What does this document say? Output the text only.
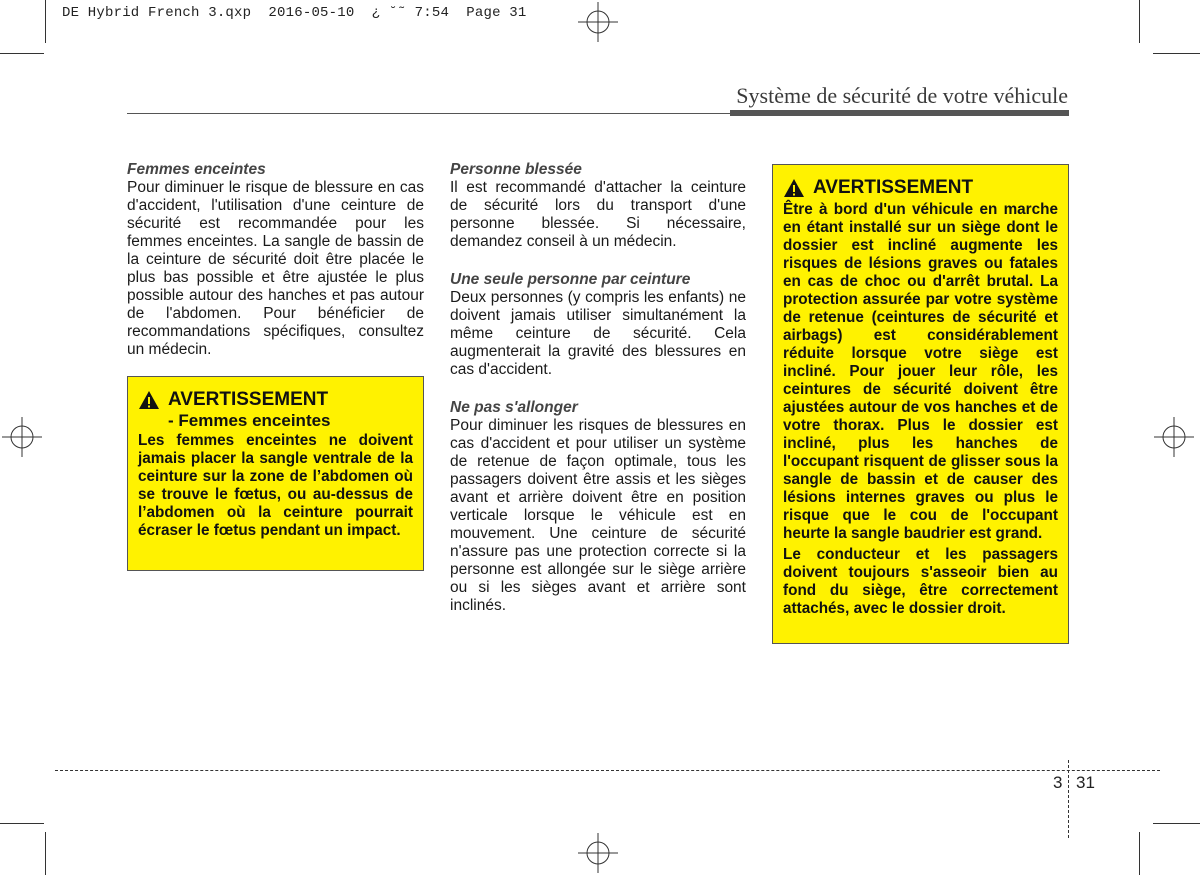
DE Hybrid French 3.qxp  2016-05-10  ¿ ˘˜ 7:54  Page 31
Système de sécurité de votre véhicule
Femmes enceintes

Pour diminuer le risque de blessure en cas d'accident, l'utilisation d'une ceinture de sécurité est recommandée pour les femmes enceintes. La sangle de bassin de la ceinture de sécurité doit être placée le plus bas possible et être ajustée le plus possible autour des hanches et pas autour de l'abdomen. Pour bénéficier de recommandations spécifiques, consultez un médecin.

AVERTISSEMENT
- Femmes enceintes

Les femmes enceintes ne doivent jamais placer la sangle ventrale de la ceinture sur la zone de l’abdomen où se trouve le fœtus, ou au-dessus de l’abdomen où la ceinture pourrait écraser le fœtus pendant un impact.

Personne blessée

Il est recommandé d'attacher la ceinture de sécurité lors du transport d'une personne blessée. Si nécessaire, demandez conseil à un médecin.

Une seule personne par ceinture

Deux personnes (y compris les enfants) ne doivent jamais utiliser simultanément la même ceinture de sécurité. Cela augmenterait la gravité des blessures en cas d'accident.

Ne pas s'allonger

Pour diminuer les risques de blessures en cas d'accident et pour utiliser un système de retenue de façon optimale, tous les passagers doivent être assis et les sièges avant et arrière doivent être en position verticale lorsque le véhicule est en mouvement. Une ceinture de sécurité n'assure pas une protection correcte si la personne est allongée sur le siège arrière ou si les sièges avant et arrière sont inclinés.

AVERTISSEMENT

Être à bord d'un véhicule en marche en étant installé sur un siège dont le dossier est incliné augmente les risques de lésions graves ou fatales en cas de choc ou d'arrêt brutal. La protection assurée par votre système de retenue (ceintures de sécurité et airbags) est considérablement réduite lorsque votre siège est incliné. Pour jouer leur rôle, les ceintures de sécurité doivent être ajustées autour de vos hanches et de votre thorax. Plus le dossier est incliné, plus les hanches de l'occupant risquent de glisser sous la sangle de bassin et de causer des lésions internes graves ou plus le risque que le cou de l'occupant heurte la sangle baudrier est grand.

Le conducteur et les passagers doivent toujours s'asseoir bien au fond du siège, être correctement attachés, avec le dossier droit.

3 31
